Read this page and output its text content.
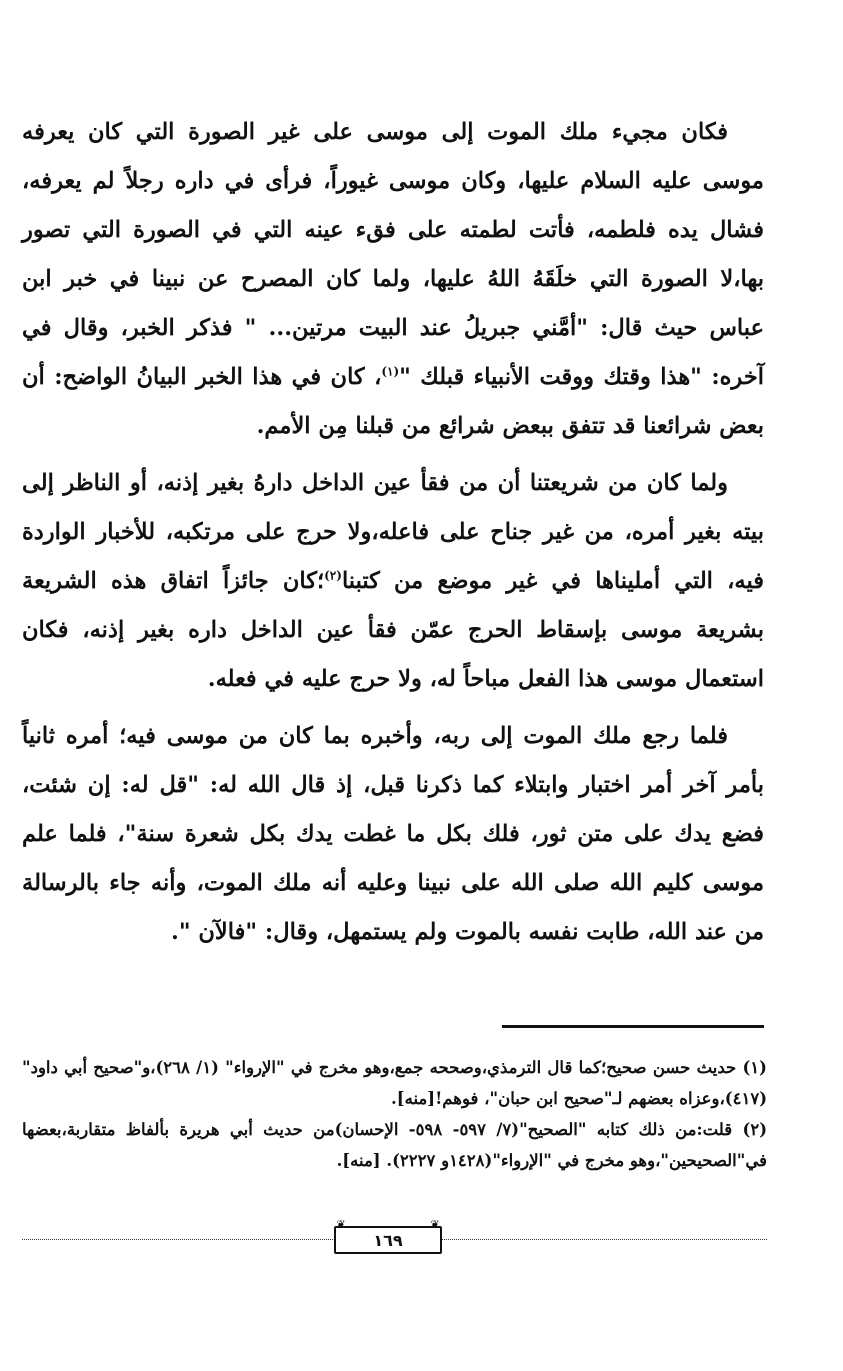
فكان مجيء ملك الموت إلى موسى على غير الصورة التي كان يعرفه موسى عليه السلام عليها، وكان موسى غيوراً، فرأى في داره رجلاً لم يعرفه، فشال يده فلطمه، فأتت لطمته على فقء عينه التي في الصورة التي تصور بها،لا الصورة التي خلَقَهُ اللهُ عليها، ولما كان المصرح عن نبينا في خبر ابن عباس حيث قال: "أمَّني جبريلُ عند البيت مرتين... " فذكر الخبر، وقال في آخره: "هذا وقتك ووقت الأنبياء قبلك "$^{(١)}$، كان في هذا الخبر البيانُ الواضح: أن بعض شرائعنا قد تتفق ببعض شرائع من قبلنا مِن الأمم.

ولما كان من شريعتنا أن من فقأ عين الداخل دارهُ بغير إذنه، أو الناظر إلى بيته بغير أمره، من غير جناح على فاعله،ولا حرج على مرتكبه، للأخبار الواردة فيه، التي أمليناها في غير موضع من كتبنا$^{(٢)}$؛كان جائزاً اتفاق هذه الشريعة بشريعة موسى بإسقاط الحرج عمّن فقأ عين الداخل داره بغير إذنه، فكان استعمال موسى هذا الفعل مباحاً له، ولا حرج عليه في فعله.

فلما رجع ملك الموت إلى ربه، وأخبره بما كان من موسى فيه؛ أمره ثانياً بأمر آخر أمر اختبار وابتلاء كما ذكرنا قبل، إذ قال الله له: "قل له: إن شئت، فضع يدك على متن ثور، فلك بكل ما غطت يدك بكل شعرة سنة"، فلما علم موسى كليم الله صلى الله على نبينا وعليه أنه ملك الموت، وأنه جاء بالرسالة من عند الله، طابت نفسه بالموت ولم يستمهل، وقال: "فالآن ".

(١) حديث حسن صحيح؛كما قال الترمذي،وصححه جمع،وهو مخرج في "الإرواء" (١/ ٢٦٨)،و"صحيح أبي داود"(٤١٧)،وعزاه بعضهم لـ"صحيح ابن حبان"، فوهم![منه].

(٢) قلت:من ذلك كتابه "الصحيح"(٧/ ٥٩٧- ٥٩٨- الإحسان)من حديث أبي هريرة بألفاظ متقاربة،بعضها في"الصحيحين"،وهو مخرج في "الإرواء"(١٤٢٨و ٢٢٢٧). [منه].

❦	❦
١٦٩
